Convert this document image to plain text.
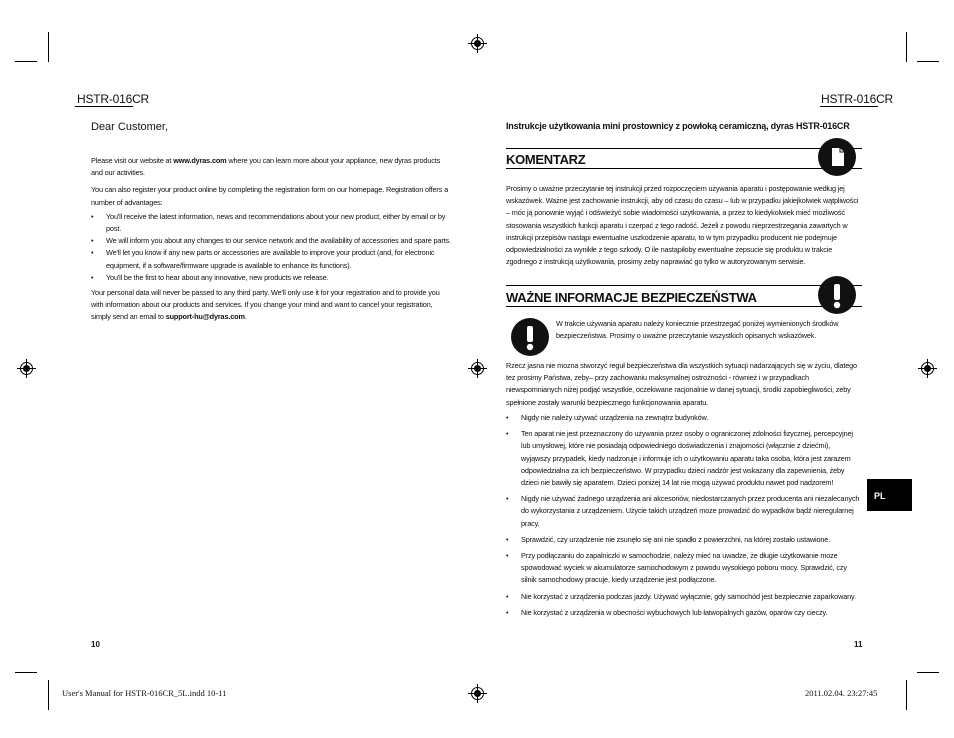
HSTR-016CR
Dear Customer,

Please visit our website at www.dyras.com where you can learn more about your appliance, new dyras products and our activities.

You can also register your product online by completing the registration form on our homepage. Registration offers a number of advantages:

• You'll receive the latest information, news and recommendations about your new product, either by email or by post.
• We will inform you about any changes to our service network and the availability of accessories and spare parts.
• We'll let you know if any new parts or accessories are available to improve your product (and, for electronic equipment, if a software/firmware upgrade is available to enhance its functions).
• You'll be the first to hear about any innovative, new products we release.

Your personal data will never be passed to any third party. We'll only use it for your registration and to provide you with information about our products and services. If you change your mind and want to cancel your registration, simply send an email to support-hu@dyras.com.

10
HSTR-016CR
Instrukcje użytkowania mini prostownicy z powłoką ceramiczną, dyras HSTR-016CR
KOMENTARZ
Prosimy o uważne przeczytanie tej instrukcji przed rozpoczęciem używania aparatu i postępowanie według jej wskazówek. Ważne jest zachowanie instrukcji, aby od czasu do czasu – lub w przypadku jakiejkolwiek wątpliwości – móc ją ponownie wyjąć i odświeżyć sobie wiadomości użytkowania, a przez to kiedykolwiek mieć możliwość stosowania wszystkich funkcji aparatu i czerpać z tego radość. Jeżeli z powodu nieprzestrzegania zawartych w instrukcji przepisów nastąpi ewentualne uszkodzenie aparatu, to w tym przypadku producent nie podejmuje odpowiedzialności za wynikłe z tego szkody. O ile nastąpiłoby ewentualne zepsucie się produktu w trakcie zgodnego z instrukcją użytkowania, prosimy zeby naprawiać go tylko w autoryzowanym serwisie.
WAŻNE INFORMACJE BEZPIECZEŃSTWA
W trakcie używania aparatu należy koniecznie przestrzegać poniżej wymienionych środków bezpieczeństwa. Prosimy o uważne przeczytanie wszystkich opisanych wskazówek.
Rzecz jasna nie mozna stworzyć reguł bezpieczeństwa dla wszystkich sytuacji nadarzających się w życiu, dlatego tez prosimy Państwa, zeby– przy zachowaniu maksymalnej ostrożności - również i w przypadkach niewspomnianych niżej podjąć wszystkie, oczekiwane racjonalnie w danej sytuacji, środki zapobiegliwości, zeby spełnione zostały warunki bezpiecznego funkcjonowania aparatu.
• Nigdy nie należy używać urządzenia na zewnątrz budynków.
• Ten aparat nie jest przeznaczony do używania przez osoby o ograniczonej zdolności fizycznej, percepcyjnej lub umysłowej, które nie posiadają odpowiedniego doświadczenia i znajomości (włącznie z dziećmi), wyjąwszy przypadek, kiedy nadzoruje i informuje ich o użytkowaniu aparatu taka osoba, która jest zarazem odpowiedzialna za ich bezpieczeństwo. W przypadku dzieci nadzór jest wskazany dla zapewnienia, żeby dzieci nie bawiły się aparatem. Dzieci poniżej 14 lat nie mogą używać produktu nawet pod nadzorem!
• Nigdy nie używać żadnego urządzenia ani akcesoriów, niedostarczanych przez producenta ani niezalecanych do wykorzystania z urządzeniem. Użycie takich urządzeń moze prowadzić do wypadków bądź nieregularnej pracy.
• Sprawdzić, czy urządzenie nie zsunęło się ani nie spadło z powierzchni, na której zostało ustawione.
• Przy podłączaniu do zapalniczki w samochodzie, należy mieć na uwadze, że długie użytkowanie moze spowodować wyciek w akumulatorze samochodowym z powodu wysokiego poboru mocy. Sprawdzić, czy silnik samochodowy pracuje, kiedy urządzenie jest podłączone.
• Nie korzystać z urządzenia podczas jazdy. Używać wyłącznie, gdy samochód jest bezpiecznie zaparkowany.
• Nie korzystać z urządzenia w obecności wybuchowych lub łatwopalnych gazów, oparów czy cieczy.
PL
11
User's Manual for HSTR-016CR_5L.indd 10-11	2011.02.04. 23:27:45
